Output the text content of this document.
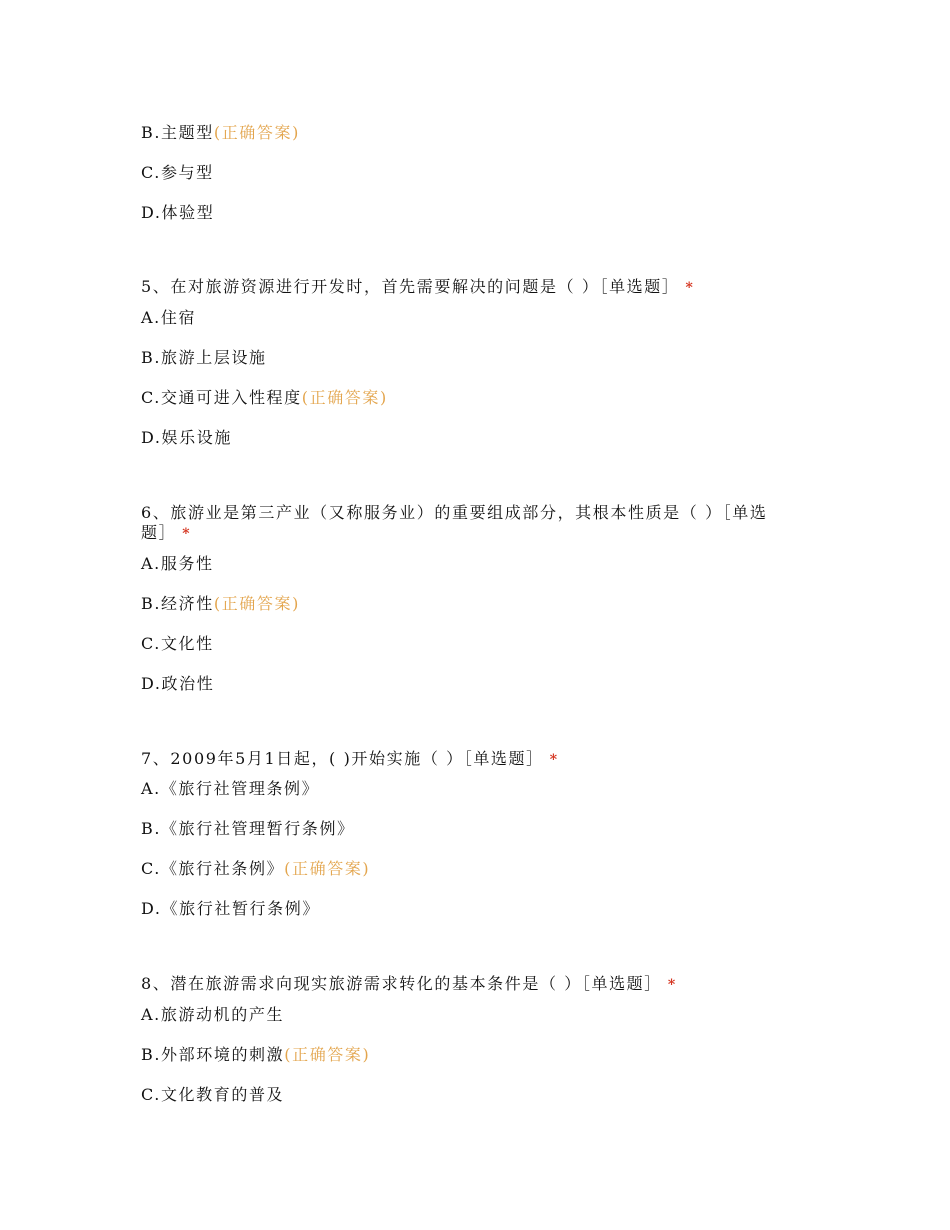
B.主题型(正确答案)
C.参与型
D.体验型
5、在对旅游资源进行开发时，首先需要解决的问题是（ ）［单选题］ *
A.住宿
B.旅游上层设施
C.交通可进入性程度(正确答案)
D.娱乐设施
6、旅游业是第三产业（又称服务业）的重要组成部分，其根本性质是（ ）［单选
题］ *
A.服务性
B.经济性(正确答案)
C.文化性
D.政治性
7、2009年5月1日起，( )开始实施（ ）［单选题］ *
A.《旅行社管理条例》
B.《旅行社管理暂行条例》
C.《旅行社条例》(正确答案)
D.《旅行社暂行条例》
8、潜在旅游需求向现实旅游需求转化的基本条件是（ ）［单选题］ *
A.旅游动机的产生
B.外部环境的刺激(正确答案)
C.文化教育的普及
